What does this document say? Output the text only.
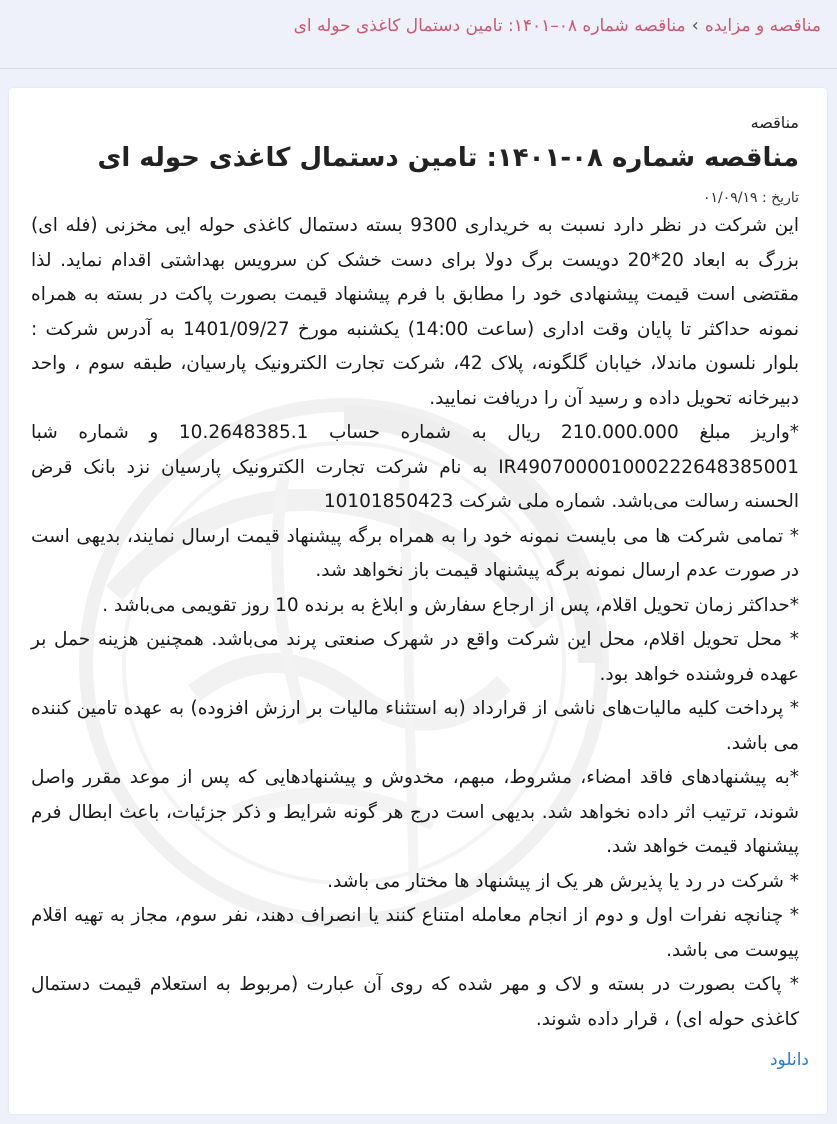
مناقصه و مزایده
›
مناقصه شماره ۰۸–۱۴۰۱: تامین دستمال کاغذی حوله ای
مناقصه
مناقصه شماره ۰۸-۱۴۰۱: تامین دستمال کاغذی حوله ای
تاریخ : ۰۱/۰۹/۱۹

این شرکت در نظر دارد نسبت به خریداری 9300 بسته دستمال کاغذی حوله ایی مخزنی (فله ای) بزرگ به ابعاد 20*20 دویست برگ دولا برای دست خشک کن سرویس بهداشتی اقدام نماید. لذا مقتضی است قیمت پیشنهادی خود را مطابق با فرم پیشنهاد قیمت بصورت پاکت در بسته به همراه نمونه حداکثر تا پایان وقت اداری (ساعت 14:00) یکشنبه مورخ 1401/09/27 به آدرس شرکت : بلوار نلسون ماندلا، خیابان گلگونه، پلاک 42، شرکت تجارت الکترونیک پارسیان، طبقه سوم ، واحد دبیرخانه تحویل داده و رسید آن را دریافت نمایید.

*واریز مبلغ 210.000.000 ریال به شماره حساب 10.2648385.1 و شماره شبا IR490700001000222648385001 به نام شرکت تجارت الکترونیک پارسیان نزد بانک قرض الحسنه رسالت می‌باشد. شماره ملی شرکت 10101850423

* تمامی شرکت ها می بایست نمونه خود را به همراه برگه پیشنهاد قیمت ارسال نمایند، بدیهی است در صورت عدم ارسال نمونه برگه پیشنهاد قیمت باز نخواهد شد.

*حداکثر زمان تحویل اقلام، پس از ارجاع سفارش و ابلاغ به برنده 10 روز تقویمی می‌باشد .

* محل تحویل اقلام، محل این شرکت واقع در شهرک صنعتی پرند می‌باشد. همچنین هزینه حمل بر عهده فروشنده خواهد بود.

* پرداخت کلیه مالیات‌های ناشی از قرارداد (به استثناء مالیات بر ارزش افزوده) به عهده تامین کننده می باشد.

*به پیشنهادهای فاقد امضاء، مشروط، مبهم، مخدوش و پیشنهادهایی که پس از موعد مقرر واصل شوند، ترتیب اثر داده نخواهد شد. بدیهی است درج هر گونه شرایط و ذکر جزئیات، باعث ابطال فرم پیشنهاد قیمت خواهد شد.

* شرکت در رد یا پذیرش هر یک از پیشنهاد ها مختار می باشد.

* چنانچه نفرات اول و دوم از انجام معامله امتناع کنند یا انصراف دهند، نفر سوم، مجاز به تهیه اقلام پیوست می باشد.

* پاکت بصورت در بسته و لاک و مهر شده که روی آن عبارت (مربوط به استعلام قیمت دستمال کاغذی حوله ای) ، قرار داده شوند.

دانلود
